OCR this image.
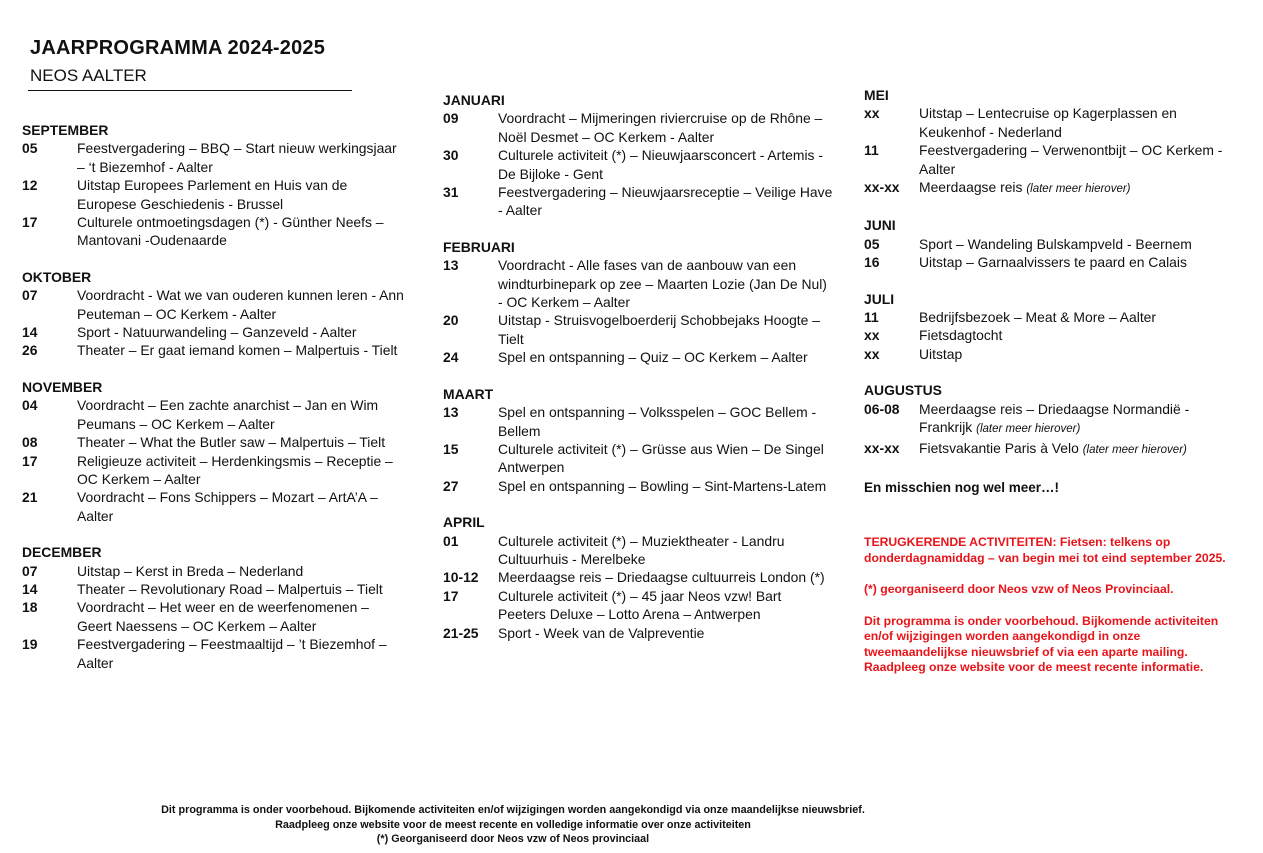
JAARPROGRAMMA 2024-2025
NEOS AALTER
SEPTEMBER
05	Feestvergadering – BBQ – Start nieuw werkingsjaar – ‘t Biezemhof - Aalter
12	Uitstap Europees Parlement en Huis van de Europese Geschiedenis - Brussel
17	Culturele ontmoetingsdagen (*) - Günther Neefs – Mantovani -Oudenaarde
OKTOBER
07	Voordracht - Wat we van ouderen kunnen leren - Ann Peuteman – OC Kerkem - Aalter
14	Sport - Natuurwandeling – Ganzeveld - Aalter
26	Theater – Er gaat iemand komen – Malpertuis - Tielt
NOVEMBER
04	Voordracht – Een zachte anarchist – Jan en Wim Peumans – OC Kerkem – Aalter
08	Theater – What the Butler saw – Malpertuis – Tielt
17	Religieuze activiteit – Herdenkingsmis – Receptie – OC Kerkem – Aalter
21	Voordracht – Fons Schippers – Mozart – ArtA’A – Aalter
DECEMBER
07	Uitstap – Kerst in Breda – Nederland
14	Theater – Revolutionary Road – Malpertuis – Tielt
18	Voordracht – Het weer en de weerfenomenen – Geert Naessens – OC Kerkem – Aalter
19	Feestvergadering – Feestmaaltijd – ’t Biezemhof – Aalter
JANUARI
09	Voordracht – Mijmeringen riviercruise op de Rhône – Noël Desmet – OC Kerkem - Aalter
30	Culturele activiteit (*) – Nieuwjaarsconcert - Artemis - De Bijloke - Gent
31	Feestvergadering – Nieuwjaarsreceptie – Veilige Have - Aalter
FEBRUARI
13	Voordracht - Alle fases van de aanbouw van een windturbinepark op zee – Maarten Lozie (Jan De Nul) - OC Kerkem – Aalter
20	Uitstap - Struisvogelboerderij Schobbejaks Hoogte – Tielt
24	Spel en ontspanning – Quiz – OC Kerkem – Aalter
MAART
13	Spel en ontspanning – Volksspelen – GOC Bellem - Bellem
15	Culturele activiteit (*) – Grüsse aus Wien – De Singel Antwerpen
27	Spel en ontspanning – Bowling – Sint-Martens-Latem
APRIL
01	Culturele activiteit (*) – Muziektheater - Landru Cultuurhuis - Merelbeke
10-12	Meerdaagse reis – Driedaagse cultuurreis London (*)
17	Culturele activiteit (*) – 45 jaar Neos vzw! Bart Peeters Deluxe – Lotto Arena – Antwerpen
21-25	Sport - Week van de Valpreventie
MEI
xx	Uitstap – Lentecruise op Kagerplassen en Keukenhof - Nederland
11	Feestvergadering – Verwenontbijt – OC Kerkem - Aalter
xx-xx	Meerdaagse reis (later meer hierover)
JUNI
05	Sport – Wandeling Bulskampveld - Beernem
16	Uitstap – Garnaalvissers te paard en Calais
JULI
11	Bedrijfsbezoek – Meat & More – Aalter
xx	Fietsdagtocht
xx	Uitstap
AUGUSTUS
06-08	Meerdaagse reis – Driedaagse Normandië - Frankrijk (later meer hierover)
xx-xx	Fietsvakantie Paris à Velo (later meer hierover)
En misschien nog wel meer…!

TERUGKERENDE ACTIVITEITEN: Fietsen: telkens op donderdagnamiddag – van begin mei tot eind september 2025.

(*) georganiseerd door Neos vzw of Neos Provinciaal.

Dit programma is onder voorbehoud. Bijkomende activiteiten en/of wijzigingen worden aangekondigd in onze tweemaandelijkse nieuwsbrief of via een aparte mailing. Raadpleeg onze website voor de meest recente informatie.

Dit programma is onder voorbehoud. Bijkomende activiteiten en/of wijzigingen worden aangekondigd via onze maandelijkse nieuwsbrief.
Raadpleeg onze website voor de meest recente en volledige informatie over onze activiteiten
(*) Georganiseerd door Neos vzw of Neos provinciaal
